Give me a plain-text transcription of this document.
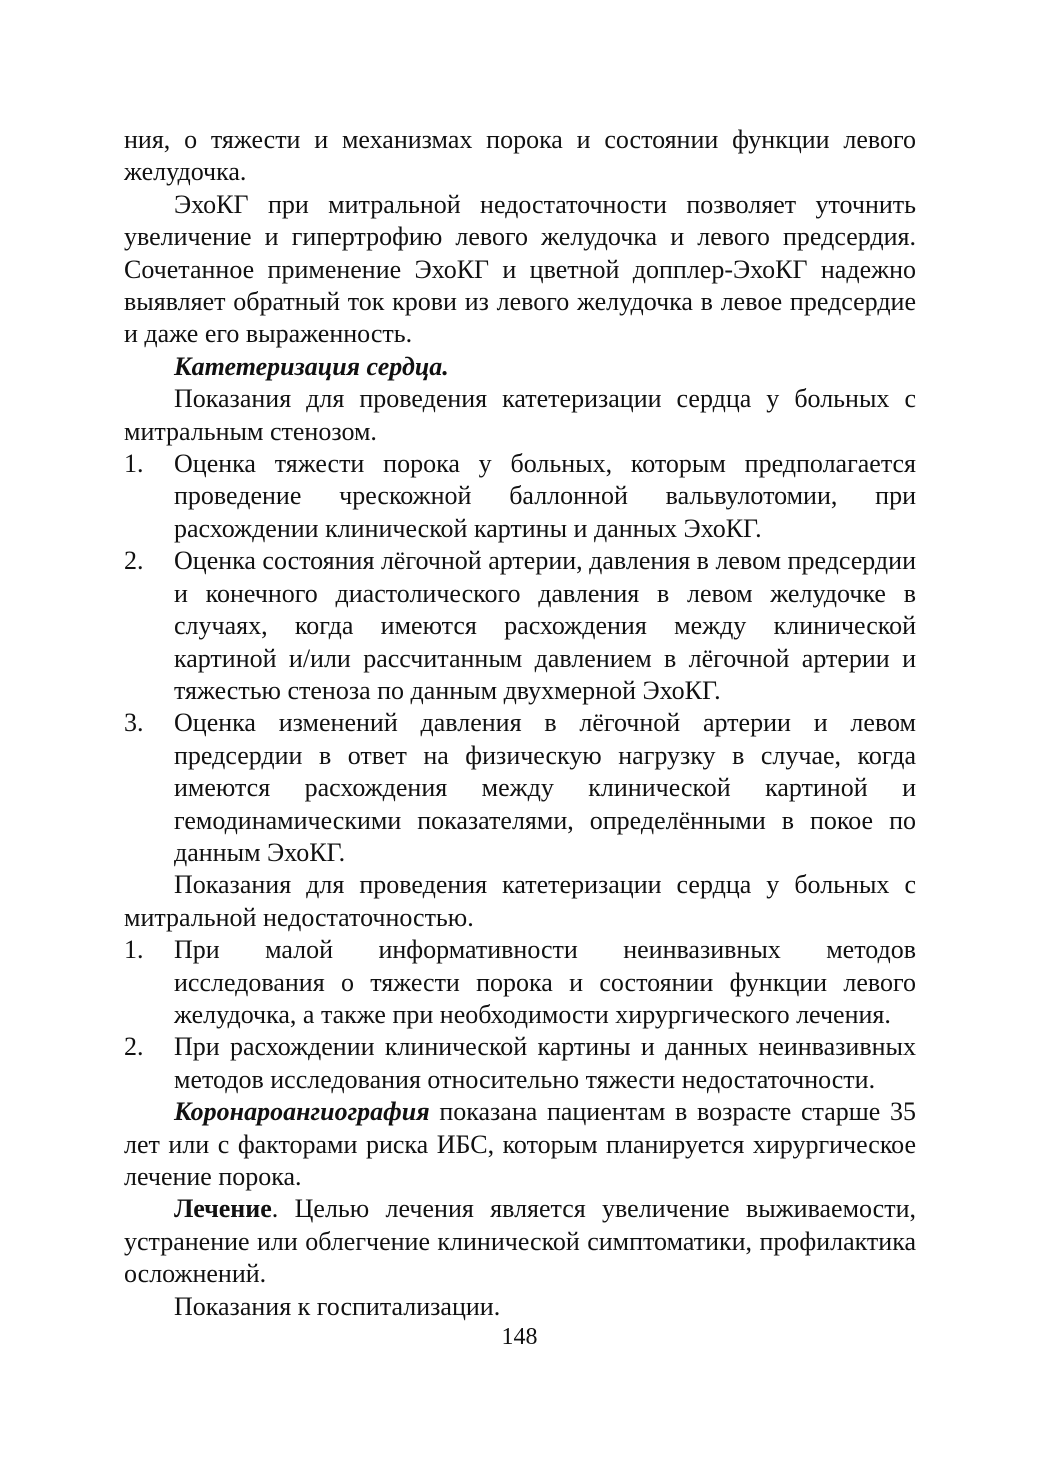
ния, о тяжести и механизмах порока и состоянии функции левого желудочка.

ЭхоКГ при митральной недостаточности позволяет уточнить увеличение и гипертрофию левого желудочка и левого предсердия. Сочетанное применение ЭхоКГ и цветной допплер-ЭхоКГ надежно выявляет обратный ток крови из левого желудочка в левое предсердие и даже его выраженность.

Катетеризация сердца.

Показания для проведения катетеризации сердца у больных с митральным стенозом.

1. Оценка тяжести порока у больных, которым предполагается проведение чрескожной баллонной вальвулотомии, при расхождении клинической картины и данных ЭхоКГ.
2. Оценка состояния лёгочной артерии, давления в левом предсердии и конечного диастолического давления в левом желудочке в случаях, когда имеются расхождения между клинической картиной и/или рассчитанным давлением в лёгочной артерии и тяжестью стеноза по данным двухмерной ЭхоКГ.
3. Оценка изменений давления в лёгочной артерии и левом предсердии в ответ на физическую нагрузку в случае, когда имеются расхождения между клинической картиной и гемодинамическими показателями, определёнными в покое по данным ЭхоКГ.

Показания для проведения катетеризации сердца у больных с митральной недостаточностью.

1. При малой информативности неинвазивных методов исследования о тяжести порока и состоянии функции левого желудочка, а также при необходимости хирургического лечения.
2. При расхождении клинической картины и данных неинвазивных методов исследования относительно тяжести недостаточности.

Коронароангиография показана пациентам в возрасте старше 35 лет или с факторами риска ИБС, которым планируется хирургическое лечение порока.

Лечение. Целью лечения является увеличение выживаемости, устранение или облегчение клинической симптоматики, профилактика осложнений.

Показания к госпитализации.

148
